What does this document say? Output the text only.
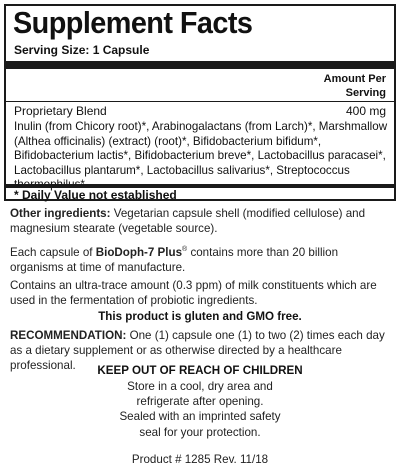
Supplement Facts
Serving Size: 1 Capsule
Amount Per
Serving
Proprietary Blend	400 mg
Inulin (from Chicory root)*, Arabinogalactans (from Larch)*, Marshmallow (Althea officinalis) (extract) (root)*, Bifidobacterium bifidum*, Bifidobacterium lactis*, Bifidobacterium breve*, Lactobacillus paracasei*, Lactobacillus plantarum*, Lactobacillus salivarius*, Streptococcus
* Daily Value not established

Other ingredients: Vegetarian capsule shell (modified cellulose) and magnesium stearate (vegetable source).

Each capsule of BioDoph-7 Plus® contains more than 20 billion organisms at time of manufacture.

Contains an ultra-trace amount (0.3 ppm) of milk constituents which are used in the fermentation of probiotic ingredients.

This product is gluten and GMO free.

RECOMMENDATION: One (1) capsule one (1) to two (2) times each day as a dietary supplement or as otherwise directed by a healthcare professional.	KEEP OUT OF REACH OF CHILDREN
Store in a cool, dry area and
refrigerate after opening.
Sealed with an imprinted safety
seal for your protection.
Product # 1285 Rev. 11/18
